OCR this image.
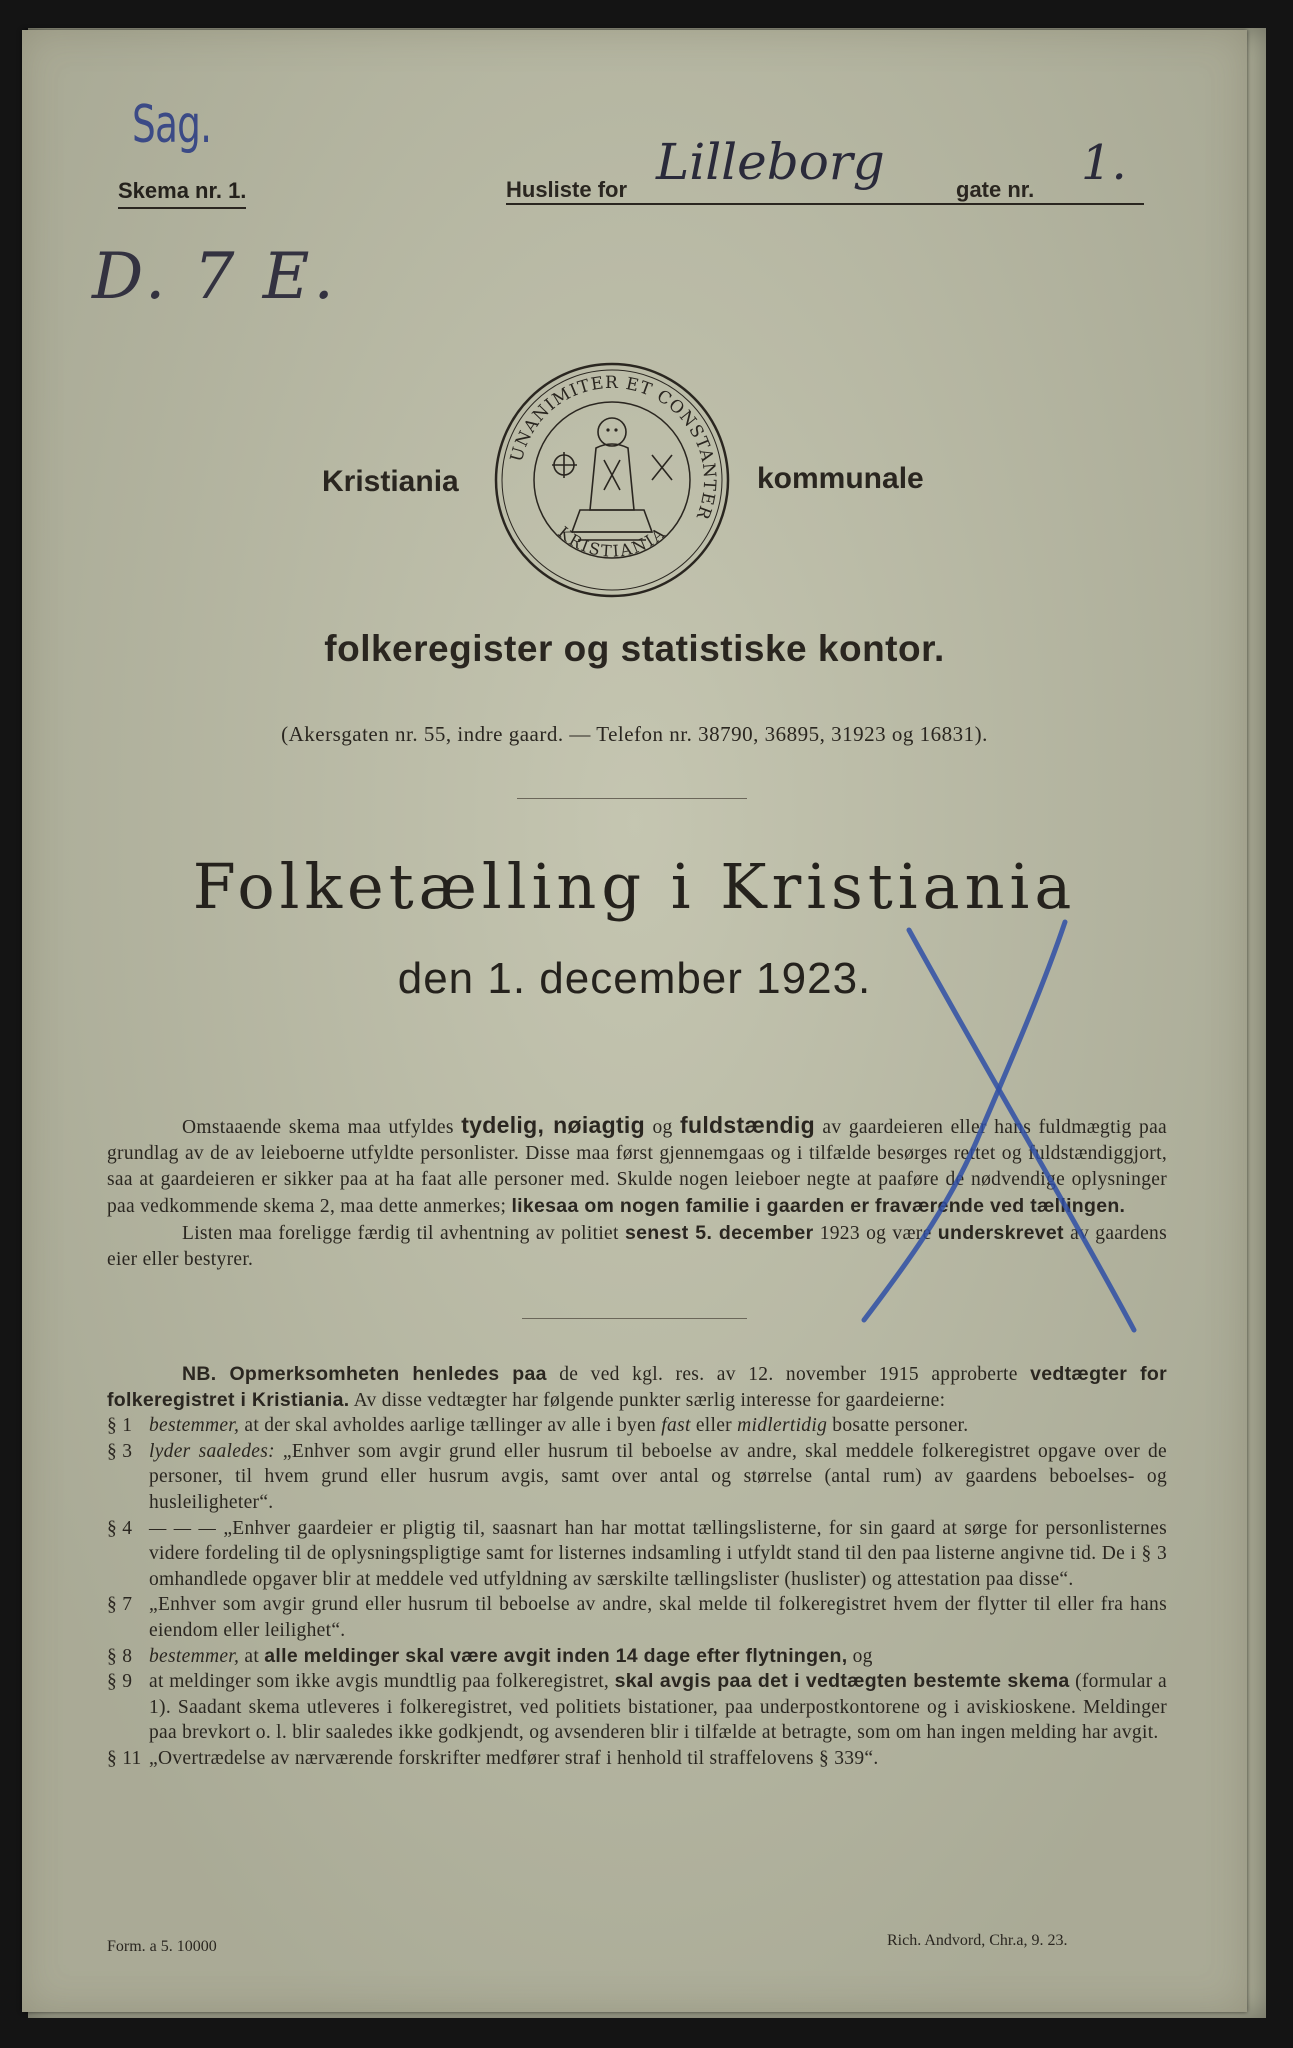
Sag.
Skema nr. 1.	Husliste for Lilleborg	gate nr. 1.
D. 7 E.
Kristiania
UNANIMITER ET CONSTANTER
KRISTIANIA
kommunale
folkeregister og statistiske kontor.
(Akersgaten nr. 55, indre gaard. — Telefon nr. 38790, 36895, 31923 og 16831).
Folketælling i Kristiania
den 1. december 1923.

Omstaaende skema maa utfyldes tydelig, nøiagtig og fuldstændig av gaardeieren eller hans fuldmægtig paa grundlag av de av leieboerne utfyldte personlister. Disse maa først gjennemgaas og i tilfælde besørges rettet og fuldstændiggjort, saa at gaardeieren er sikker paa at ha faat alle personer med. Skulde nogen leieboer negte at paaføre de nødvendige oplysninger paa vedkommende skema 2, maa dette anmerkes; likesaa om nogen familie i gaarden er fraværende ved tællingen.

Listen maa foreligge færdig til avhentning av politiet senest 5. december 1923 og være underskrevet av gaardens eier eller bestyrer.

NB. Opmerksomheten henledes paa de ved kgl. res. av 12. november 1915 approberte vedtægter for folkeregistret i Kristiania. Av disse vedtægter har følgende punkter særlig interesse for gaardeierne:

§ 1 bestemmer, at der skal avholdes aarlige tællinger av alle i byen fast eller midlertidig bosatte personer.
§ 3 lyder saaledes: „Enhver som avgir grund eller husrum til beboelse av andre, skal meddele folkeregistret opgave over de personer, til hvem grund eller husrum avgis, samt over antal og størrelse (antal rum) av gaardens beboelses- og husleiligheter“.
§ 4 — — — „Enhver gaardeier er pligtig til, saasnart han har mottat tællingslisterne, for sin gaard at sørge for personlisternes videre fordeling til de oplysningspligtige samt for listernes indsamling i utfyldt stand til den paa listerne angivne tid. De i § 3 omhandlede opgaver blir at meddele ved utfyldning av særskilte tællingslister (huslister) og attestation paa disse“.
§ 7 „Enhver som avgir grund eller husrum til beboelse av andre, skal melde til folkeregistret hvem der flytter til eller fra hans eiendom eller leilighet“.
§ 8 bestemmer, at alle meldinger skal være avgit inden 14 dage efter flytningen, og
§ 9 at meldinger som ikke avgis mundtlig paa folkeregistret, skal avgis paa det i vedtægten bestemte skema (formular a 1). Saadant skema utleveres i folkeregistret, ved politiets bistationer, paa underpostkontorene og i aviskioskene. Meldinger paa brevkort o. l. blir saaledes ikke godkjendt, og avsenderen blir i tilfælde at betragte, som om han ingen melding har avgit.
§ 11 „Overtrædelse av nærværende forskrifter medfører straf i henhold til straffelovens § 339“.
Form. a 5. 10000	Rich. Andvord, Chr.a, 9. 23.
